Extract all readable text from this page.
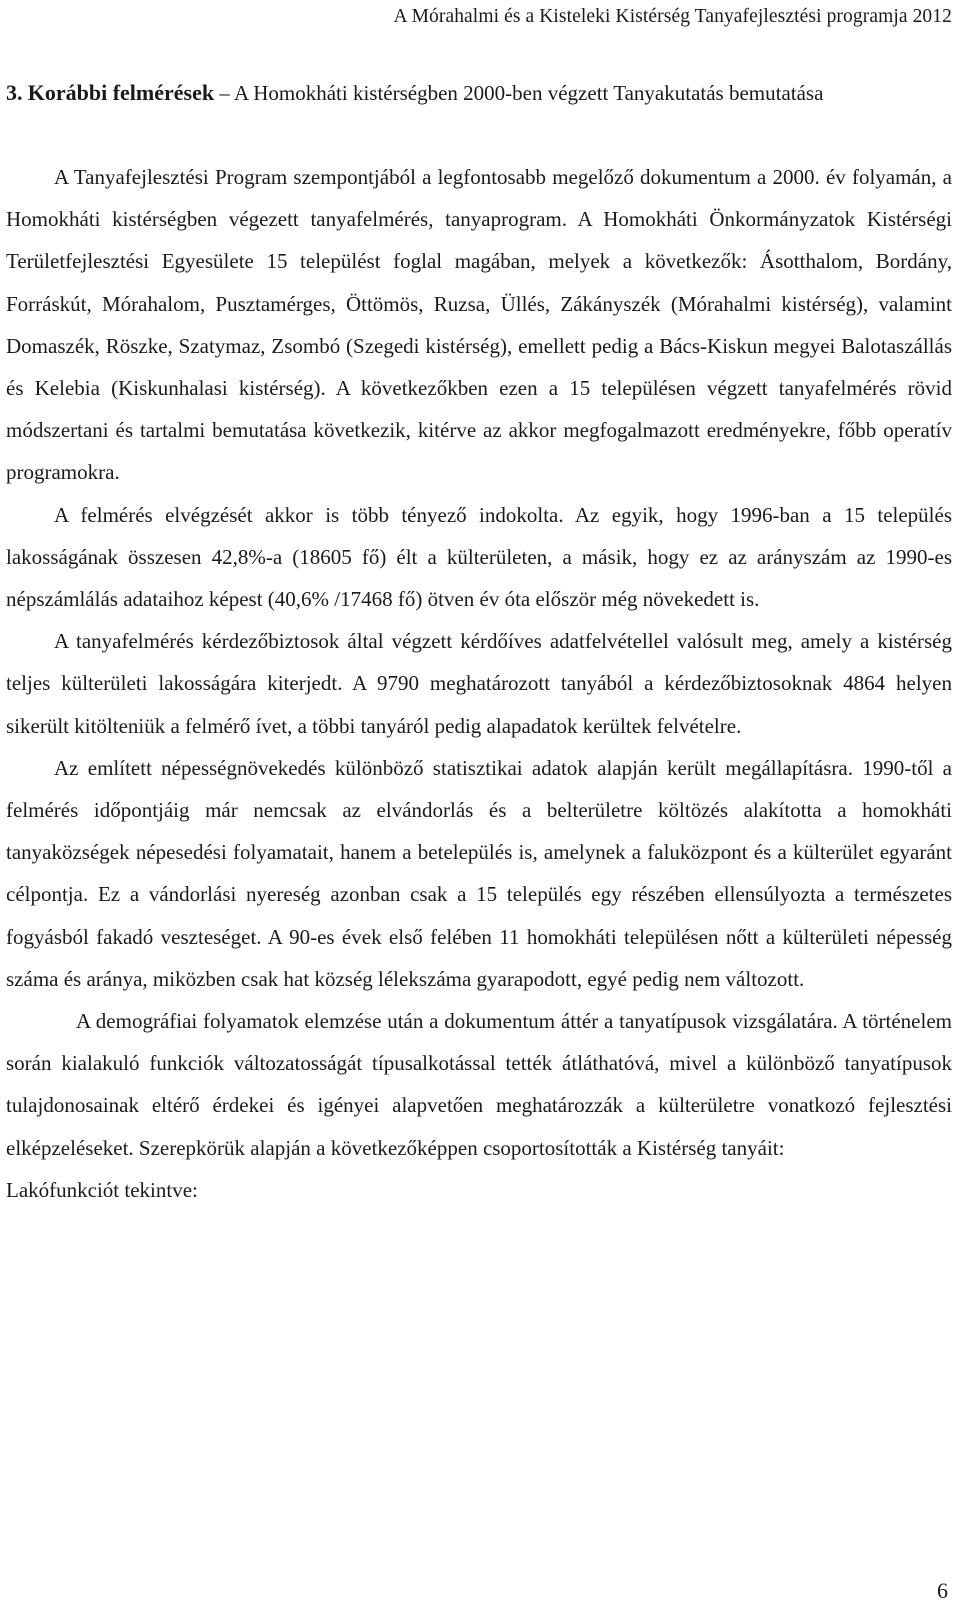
A Mórahalmi és a Kisteleki Kistérség Tanyafejlesztési programja 2012
3. Korábbi felmérések – A Homokháti kistérségben 2000-ben végzett Tanyakutatás bemutatása

A Tanyafejlesztési Program szempontjából a legfontosabb megelőző dokumentum a 2000. év folyamán, a Homokháti kistérségben végezett tanyafelmérés, tanyaprogram. A Homokháti Önkormányzatok Kistérségi Területfejlesztési Egyesülete 15 települést foglal magában, melyek a következők: Ásotthalom, Bordány, Forráskút, Mórahalom, Pusztamérges, Öttömös, Ruzsa, Üllés, Zákányszék (Mórahalmi kistérség), valamint Domaszék, Röszke, Szatymaz, Zsombó (Szegedi kistérség), emellett pedig a Bács-Kiskun megyei Balotaszállás és Kelebia (Kiskunhalasi kistérség). A következőkben ezen a 15 településen végzett tanyafelmérés rövid módszertani és tartalmi bemutatása következik, kitérve az akkor megfogalmazott eredményekre, főbb operatív programokra.

A felmérés elvégzését akkor is több tényező indokolta. Az egyik, hogy 1996-ban a 15 település lakosságának összesen 42,8%-a (18605 fő) élt a külterületen, a másik, hogy ez az arányszám az 1990-es népszámlálás adataihoz képest (40,6% /17468 fő) ötven év óta először még növekedett is.

A tanyafelmérés kérdezőbiztosok által végzett kérdőíves adatfelvétellel valósult meg, amely a kistérség teljes külterületi lakosságára kiterjedt. A 9790 meghatározott tanyából a kérdezőbiztosoknak 4864 helyen sikerült kitölteniük a felmérő ívet, a többi tanyáról pedig alapadatok kerültek felvételre.

Az említett népességnövekedés különböző statisztikai adatok alapján került megállapításra. 1990-től a felmérés időpontjáig már nemcsak az elvándorlás és a belterületre költözés alakította a homokháti tanyaközségek népesedési folyamatait, hanem a betelepülés is, amelynek a faluközpont és a külterület egyaránt célpontja. Ez a vándorlási nyereség azonban csak a 15 település egy részében ellensúlyozta a természetes fogyásból fakadó veszteséget. A 90-es évek első felében 11 homokháti településen nőtt a külterületi népesség száma és aránya, miközben csak hat község lélekszáma gyarapodott, egyé pedig nem változott.

A demográfiai folyamatok elemzése után a dokumentum áttér a tanyatípusok vizsgálatára. A történelem során kialakuló funkciók változatosságát típusalkotással tették átláthatóvá, mivel a különböző tanyatípusok tulajdonosainak eltérő érdekei és igényei alapvetően meghatározzák a külterületre vonatkozó fejlesztési elképzeléseket. Szerepkörük alapján a következőképpen csoportosították a Kistérség tanyáit:

Lakófunkciót tekintve:

6
